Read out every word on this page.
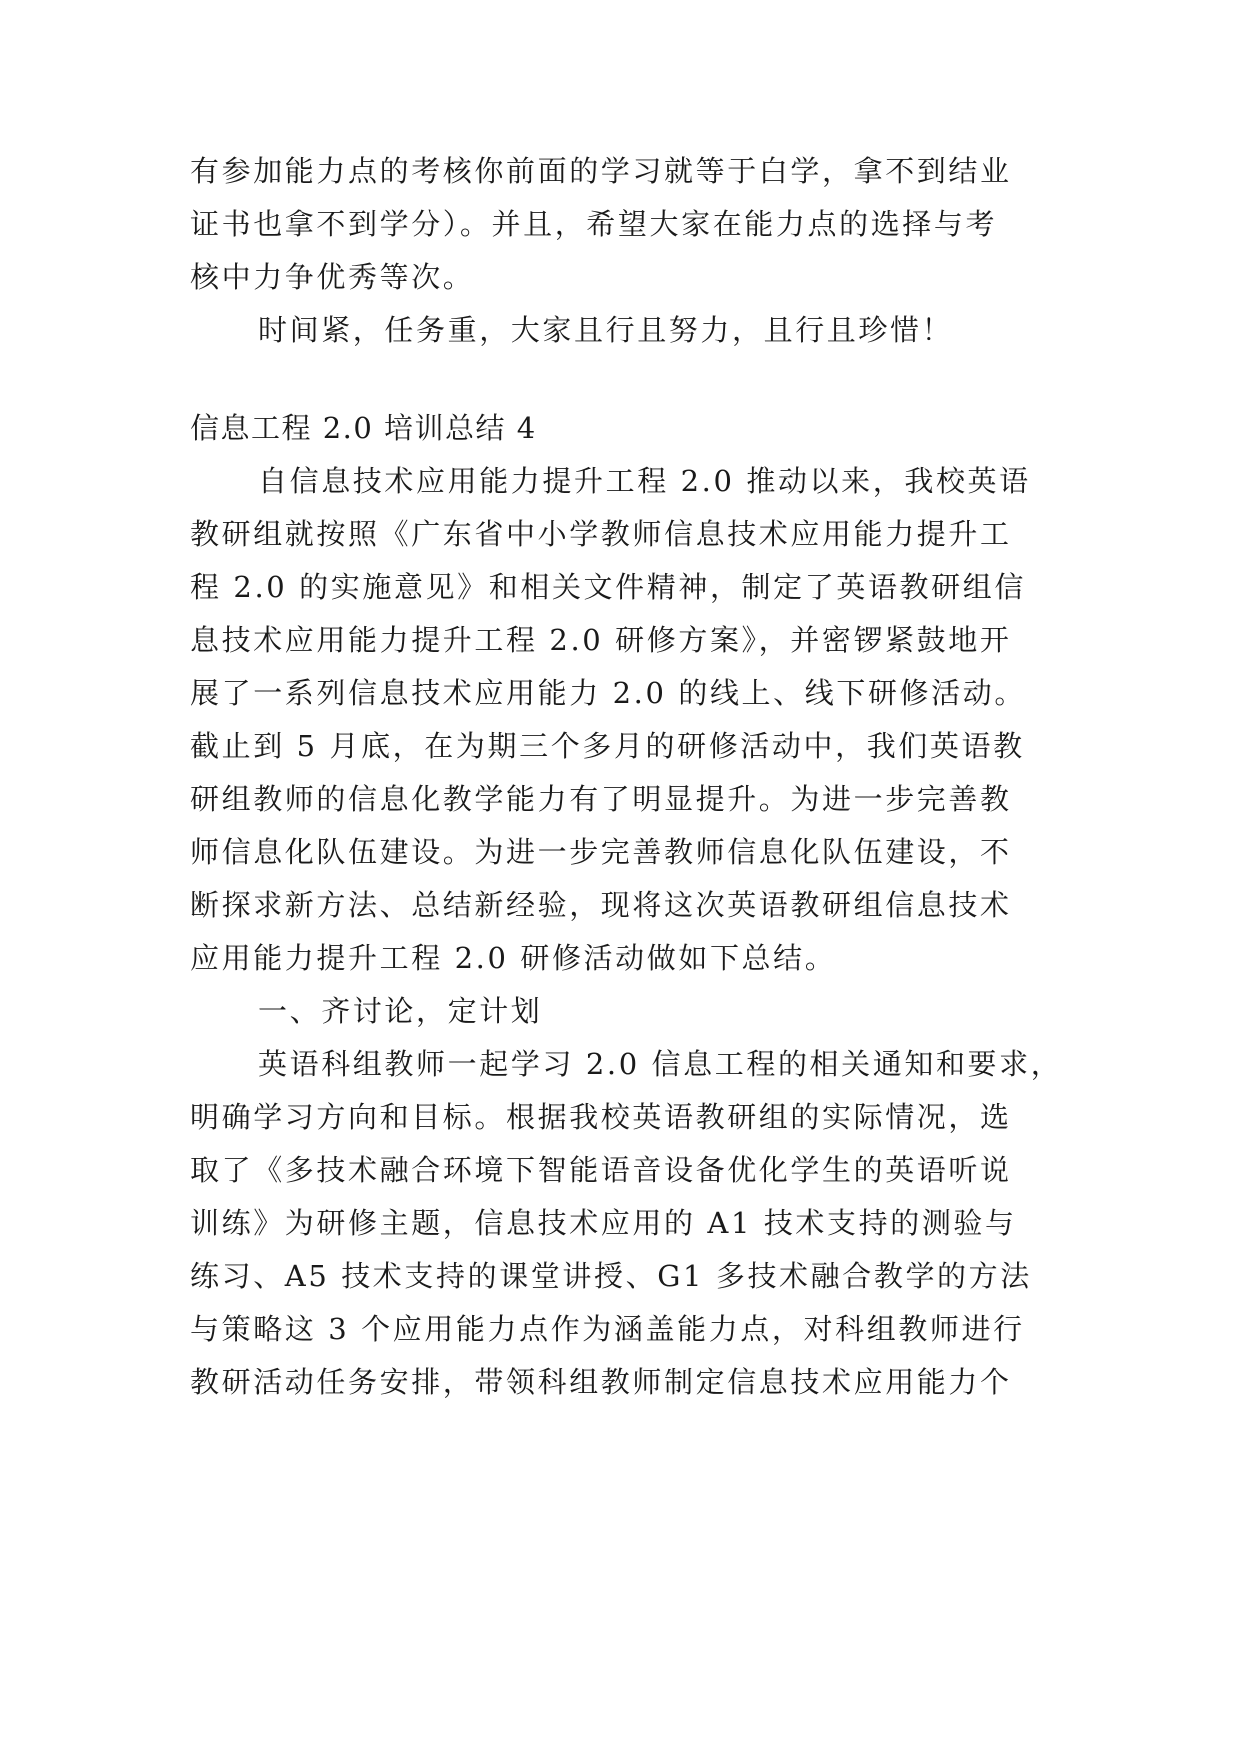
有参加能力点的考核你前面的学习就等于白学，拿不到结业
证书也拿不到学分）。并且，希望大家在能力点的选择与考
核中力争优秀等次。
时间紧，任务重，大家且行且努力，且行且珍惜！
信息工程 2.0 培训总结 4
自信息技术应用能力提升工程 2.0 推动以来，我校英语
教研组就按照《广东省中小学教师信息技术应用能力提升工
程 2.0 的实施意见》和相关文件精神，制定了英语教研组信
息技术应用能力提升工程 2.0 研修方案》，并密锣紧鼓地开
展了一系列信息技术应用能力 2.0 的线上、线下研修活动。
截止到 5 月底，在为期三个多月的研修活动中，我们英语教
研组教师的信息化教学能力有了明显提升。为进一步完善教
师信息化队伍建设。为进一步完善教师信息化队伍建设，不
断探求新方法、总结新经验，现将这次英语教研组信息技术
应用能力提升工程 2.0 研修活动做如下总结。
一、齐讨论，定计划
英语科组教师一起学习 2.0 信息工程的相关通知和要求，
明确学习方向和目标。根据我校英语教研组的实际情况，选
取了《多技术融合环境下智能语音设备优化学生的英语听说
训练》为研修主题，信息技术应用的 A1 技术支持的测验与
练习、A5 技术支持的课堂讲授、G1 多技术融合教学的方法
与策略这 3 个应用能力点作为涵盖能力点，对科组教师进行
教研活动任务安排，带领科组教师制定信息技术应用能力个
